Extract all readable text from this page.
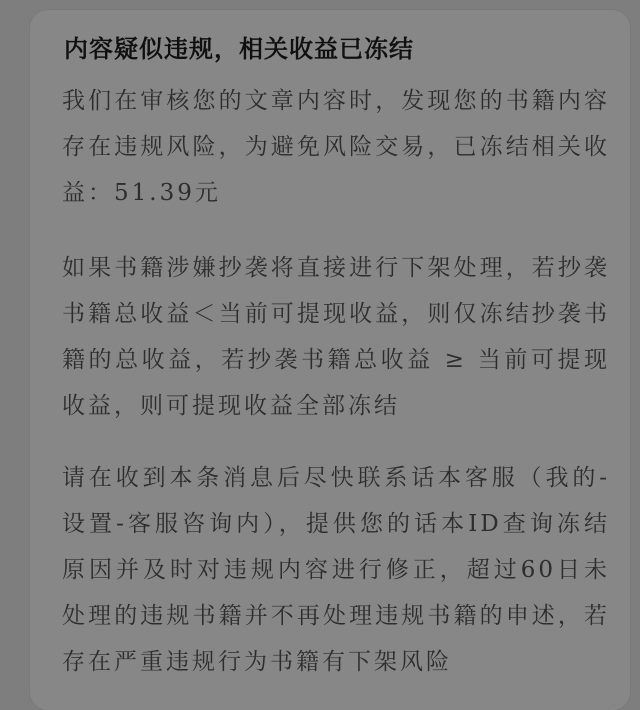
内容疑似违规，相关收益已冻结
我们在审核您的文章内容时，发现您的书籍内容存在违规风险，为避免风险交易，已冻结相关收益：51.39元
如果书籍涉嫌抄袭将直接进行下架处理，若抄袭书籍总收益＜当前可提现收益，则仅冻结抄袭书籍的总收益，若抄袭书籍总收益 ≥ 当前可提现收益，则可提现收益全部冻结
请在收到本条消息后尽快联系话本客服（我的-设置-客服咨询内），提供您的话本ID查询冻结原因并及时对违规内容进行修正，超过60日未处理的违规书籍并不再处理违规书籍的申述，若存在严重违规行为书籍有下架风险
